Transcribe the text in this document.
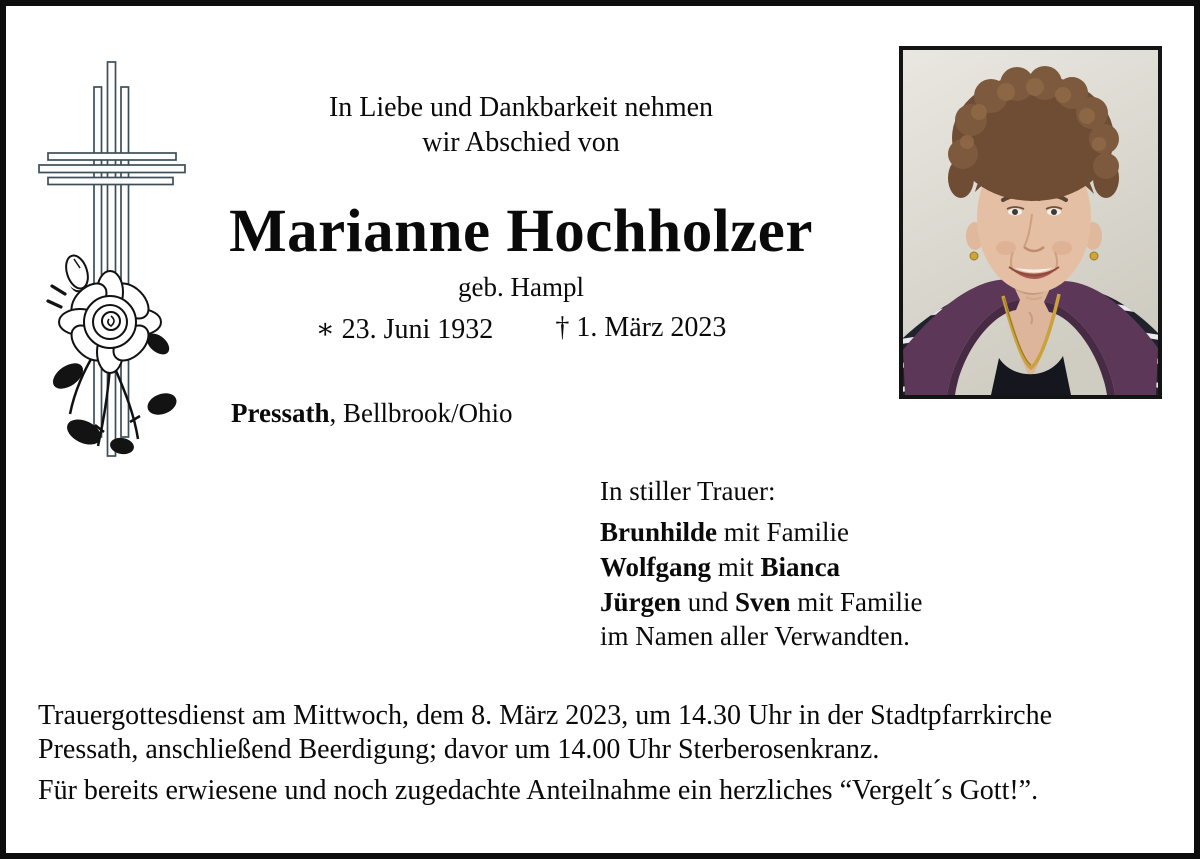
In Liebe und Dankbarkeit nehmen
wir Abschied von
Marianne Hochholzer
geb. Hampl
∗ 23. Juni 1932 † 1. März 2023
Pressath, Bellbrook/Ohio
In stiller Trauer:
Brunhilde mit Familie
Wolfgang mit Bianca
Jürgen und Sven mit Familie
im Namen aller Verwandten.
Trauergottesdienst am Mittwoch, dem 8. März 2023, um 14.30 Uhr in der Stadtpfarrkirche
Pressath, anschließend Beerdigung; davor um 14.00 Uhr Sterberosenkranz.
Für bereits erwiesene und noch zugedachte Anteilnahme ein herzliches “Vergelt´s Gott!”.
